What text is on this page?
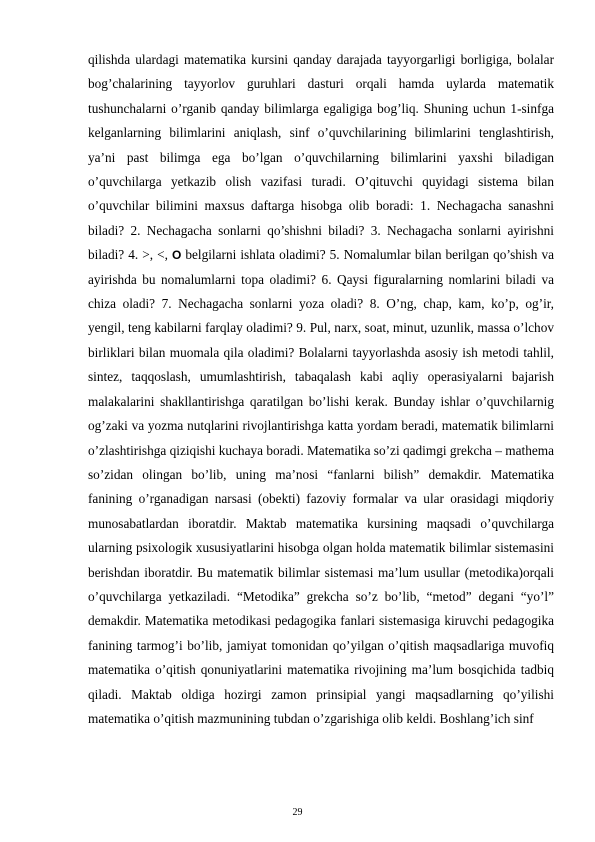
qilishda ulardagi matematika kursini qanday darajada tayyorgarligi borligiga, bolalar bog’chalarining tayyorlov guruhlari dasturi orqali hamda uylarda matematik tushunchalarni o’rganib qanday bilimlarga egaligiga bog’liq. Shuning uchun 1-sinfga kelganlarning bilimlarini aniqlash, sinf o’quvchilarining bilimlarini tenglashtirish, ya’ni past bilimga ega bo’lgan o’quvchilarning bilimlarini yaxshi biladigan o’quvchilarga yetkazib olish vazifasi turadi. O’qituvchi quyidagi sistema bilan o’quvchilar bilimini maxsus daftarga hisobga olib boradi: 1. Nechagacha sanashni biladi? 2. Nechagacha sonlarni qo’shishni biladi? 3. Nechagacha sonlarni ayirishni biladi? 4. >, <, O belgilarni ishlata oladimi? 5. Nomalumlar bilan berilgan qo’shish va ayirishda bu nomalumlarni topa oladimi? 6. Qaysi figuralarning nomlarini biladi va chiza oladi? 7. Nechagacha sonlarni yoza oladi? 8. O’ng, chap, kam, ko’p, og’ir, yengil, teng kabilarni farqlay oladimi? 9. Pul, narx, soat, minut, uzunlik, massa o’lchov birliklari bilan muomala qila oladimi? Bolalarni tayyorlashda asosiy ish metodi tahlil, sintez, taqqoslash, umumlashtirish, tabaqalash kabi aqliy operasiyalarni bajarish malakalarini shakllantirishga qaratilgan bo’lishi kerak. Bunday ishlar o’quvchilarnig og’zaki va yozma nutqlarini rivojlantirishga katta yordam beradi, matematik bilimlarni o’zlashtirishga qiziqishi kuchaya boradi. Matematika so’zi qadimgi grekcha – mathema so’zidan olingan bo’lib, uning ma’nosi “fanlarni bilish” demakdir. Matematika fanining o’rganadigan narsasi (obekti) fazoviy formalar va ular orasidagi miqdoriy munosabatlardan iboratdir. Maktab matematika kursining maqsadi o’quvchilarga ularning psixologik xususiyatlarini hisobga olgan holda matematik bilimlar sistemasini berishdan iboratdir. Bu matematik bilimlar sistemasi ma’lum usullar (metodika)orqali o’quvchilarga yetkaziladi. “Metodika” grekcha so’z bo’lib, “metod” degani “yo’l” demakdir. Matematika metodikasi pedagogika fanlari sistemasiga kiruvchi pedagogika fanining tarmog’i bo’lib, jamiyat tomonidan qo’yilgan o’qitish maqsadlariga muvofiq matematika o’qitish qonuniyatlarini matematika rivojining ma’lum bosqichida tadbiq qiladi. Maktab oldiga hozirgi zamon prinsipial yangi maqsadlarning qo’yilishi matematika o’qitish mazmunining tubdan o’zgarishiga olib keldi. Boshlang’ich sinf

29
